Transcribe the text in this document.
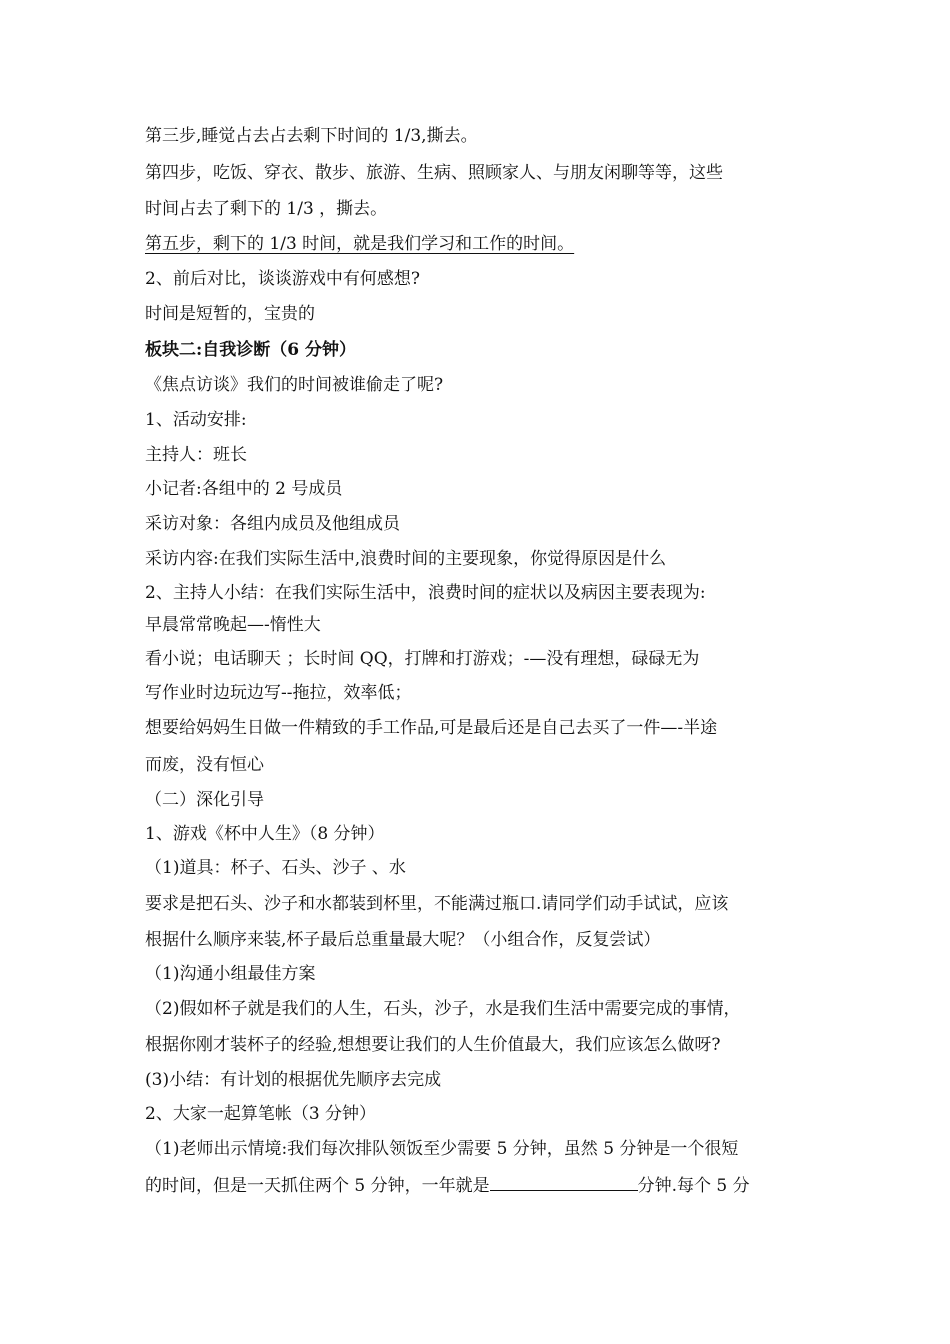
第三步,睡觉占去占去剩下时间的 1/3,撕去。
第四步，吃饭、穿衣、散步、旅游、生病、照顾家人、与朋友闲聊等等，这些
时间占去了剩下的 1/3 ，撕去。
第五步，剩下的 1/3 时间，就是我们学习和工作的时间。
2、前后对比，谈谈游戏中有何感想?
时间是短暂的，宝贵的
板块二:自我诊断（6 分钟）
《焦点访谈》我们的时间被谁偷走了呢?
1、活动安排:
主持人：班长
小记者:各组中的 2 号成员
采访对象：各组内成员及他组成员
采访内容:在我们实际生活中,浪费时间的主要现象，你觉得原因是什么
2、主持人小结：在我们实际生活中，浪费时间的症状以及病因主要表现为:
早晨常常晚起—-惰性大
看小说；电话聊天 ；长时间 QQ，打牌和打游戏；-—没有理想，碌碌无为
写作业时边玩边写--拖拉，效率低；
想要给妈妈生日做一件精致的手工作品,可是最后还是自己去买了一件—-半途
而废，没有恒心
（二）深化引导
1、游戏《杯中人生》（8 分钟）
（1)道具：杯子、石头、沙子 、水
要求是把石头、沙子和水都装到杯里，不能满过瓶口.请同学们动手试试，应该
根据什么顺序来装,杯子最后总重量最大呢？（小组合作，反复尝试）
（1)沟通小组最佳方案
（2)假如杯子就是我们的人生，石头，沙子，水是我们生活中需要完成的事情，
根据你刚才装杯子的经验,想想要让我们的人生价值最大，我们应该怎么做呀?
(3)小结：有计划的根据优先顺序去完成
2、大家一起算笔帐（3 分钟）
（1)老师出示情境:我们每次排队领饭至少需要 5 分钟，虽然 5 分钟是一个很短
的时间，但是一天抓住两个 5 分钟，一年就是	分钟.每个 5 分
